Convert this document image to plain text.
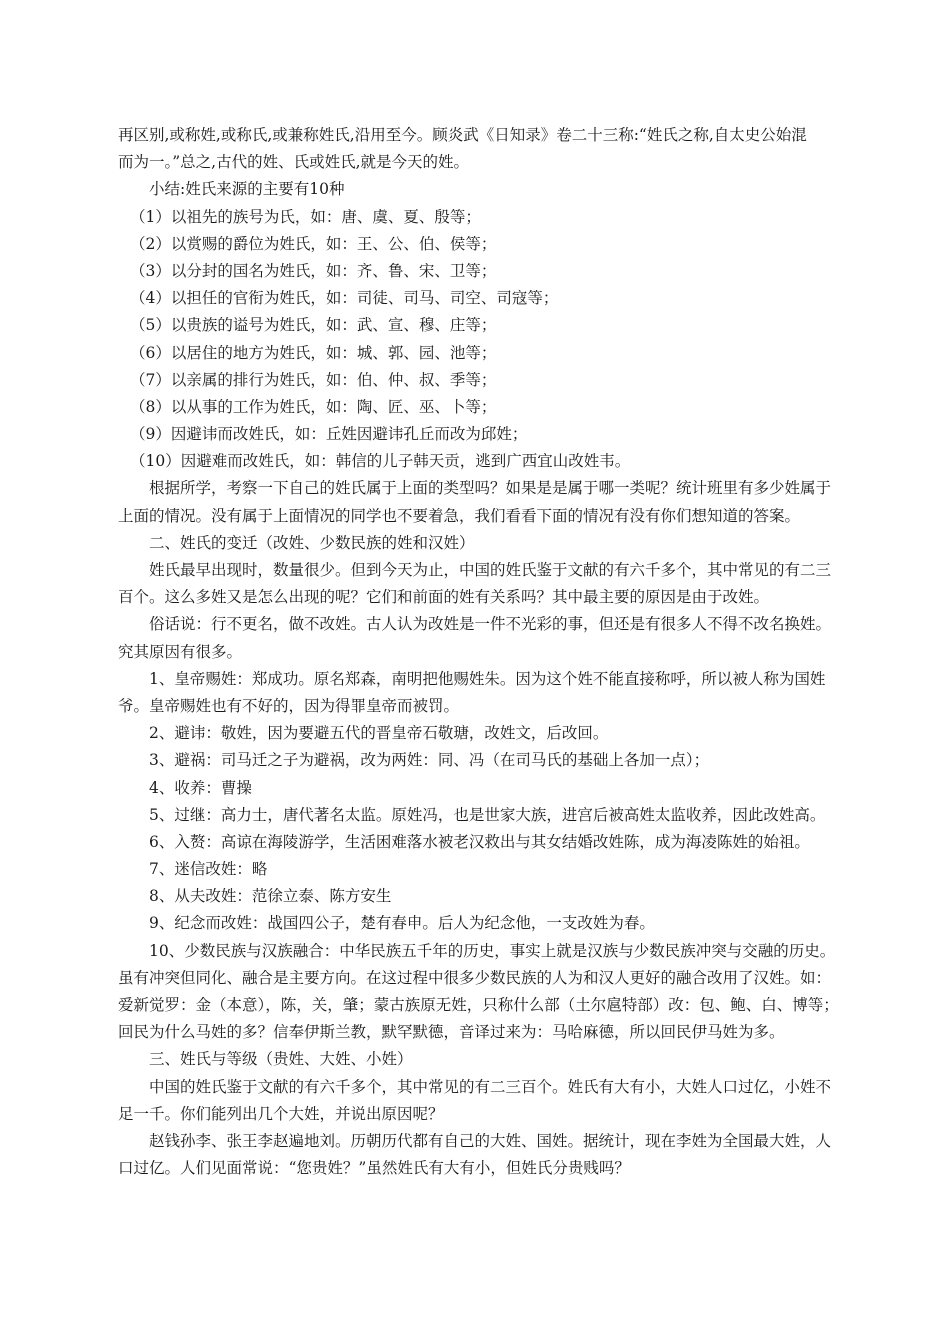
再区别,或称姓,或称氏,或兼称姓氏,沿用至今。顾炎武《日知录》卷二十三称:“姓氏之称,自太史公始混
而为一。”总之,古代的姓、氏或姓氏,就是今天的姓。
小结:姓氏来源的主要有10种
（1）以祖先的族号为氏，如：唐、虞、夏、殷等；
（2）以赏赐的爵位为姓氏，如：王、公、伯、侯等；
（3）以分封的国名为姓氏，如：齐、鲁、宋、卫等；
（4）以担任的官衔为姓氏，如：司徒、司马、司空、司寇等；
（5）以贵族的谥号为姓氏，如：武、宣、穆、庄等；
（6）以居住的地方为姓氏，如：城、郭、园、池等；
（7）以亲属的排行为姓氏，如：伯、仲、叔、季等；
（8）以从事的工作为姓氏，如：陶、匠、巫、卜等；
（9）因避讳而改姓氏，如：丘姓因避讳孔丘而改为邱姓；
（10）因避难而改姓氏，如：韩信的儿子韩天贡，逃到广西宜山改姓韦。
根据所学，考察一下自己的姓氏属于上面的类型吗？如果是是属于哪一类呢？统计班里有多少姓属于
上面的情况。没有属于上面情况的同学也不要着急，我们看看下面的情况有没有你们想知道的答案。
二、姓氏的变迁（改姓、少数民族的姓和汉姓）
姓氏最早出现时，数量很少。但到今天为止，中国的姓氏鉴于文献的有六千多个，其中常见的有二三
百个。这么多姓又是怎么出现的呢？它们和前面的姓有关系吗？其中最主要的原因是由于改姓。
俗话说：行不更名，做不改姓。古人认为改姓是一件不光彩的事，但还是有很多人不得不改名换姓。
究其原因有很多。
1、皇帝赐姓：郑成功。原名郑森，南明把他赐姓朱。因为这个姓不能直接称呼，所以被人称为国姓
爷。皇帝赐姓也有不好的，因为得罪皇帝而被罚。
2、避讳：敬姓，因为要避五代的晋皇帝石敬瑭，改姓文，后改回。
3、避祸：司马迁之子为避祸，改为两姓：同、冯（在司马氏的基础上各加一点）；
4、收养：曹操
5、过继：高力士，唐代著名太监。原姓冯，也是世家大族，进宫后被高姓太监收养，因此改姓高。
6、入赘：高谅在海陵游学，生活困难落水被老汉救出与其女结婚改姓陈，成为海凌陈姓的始祖。
7、迷信改姓：略
8、从夫改姓：范徐立泰、陈方安生
9、纪念而改姓：战国四公子，楚有春申。后人为纪念他，一支改姓为春。
10、少数民族与汉族融合：中华民族五千年的历史，事实上就是汉族与少数民族冲突与交融的历史。
虽有冲突但同化、融合是主要方向。在这过程中很多少数民族的人为和汉人更好的融合改用了汉姓。如：
爱新觉罗：金（本意），陈，关，肇；蒙古族原无姓，只称什么部（土尔扈特部）改：包、鲍、白、博等；
回民为什么马姓的多？信奉伊斯兰教，默罕默德，音译过来为：马哈麻德，所以回民伊马姓为多。
三、姓氏与等级（贵姓、大姓、小姓）
中国的姓氏鉴于文献的有六千多个，其中常见的有二三百个。姓氏有大有小，大姓人口过亿，小姓不
足一千。你们能列出几个大姓，并说出原因呢？
赵钱孙李、张王李赵遍地刘。历朝历代都有自己的大姓、国姓。据统计，现在李姓为全国最大姓，人
口过亿。人们见面常说：“您贵姓？”虽然姓氏有大有小，但姓氏分贵贱吗？
